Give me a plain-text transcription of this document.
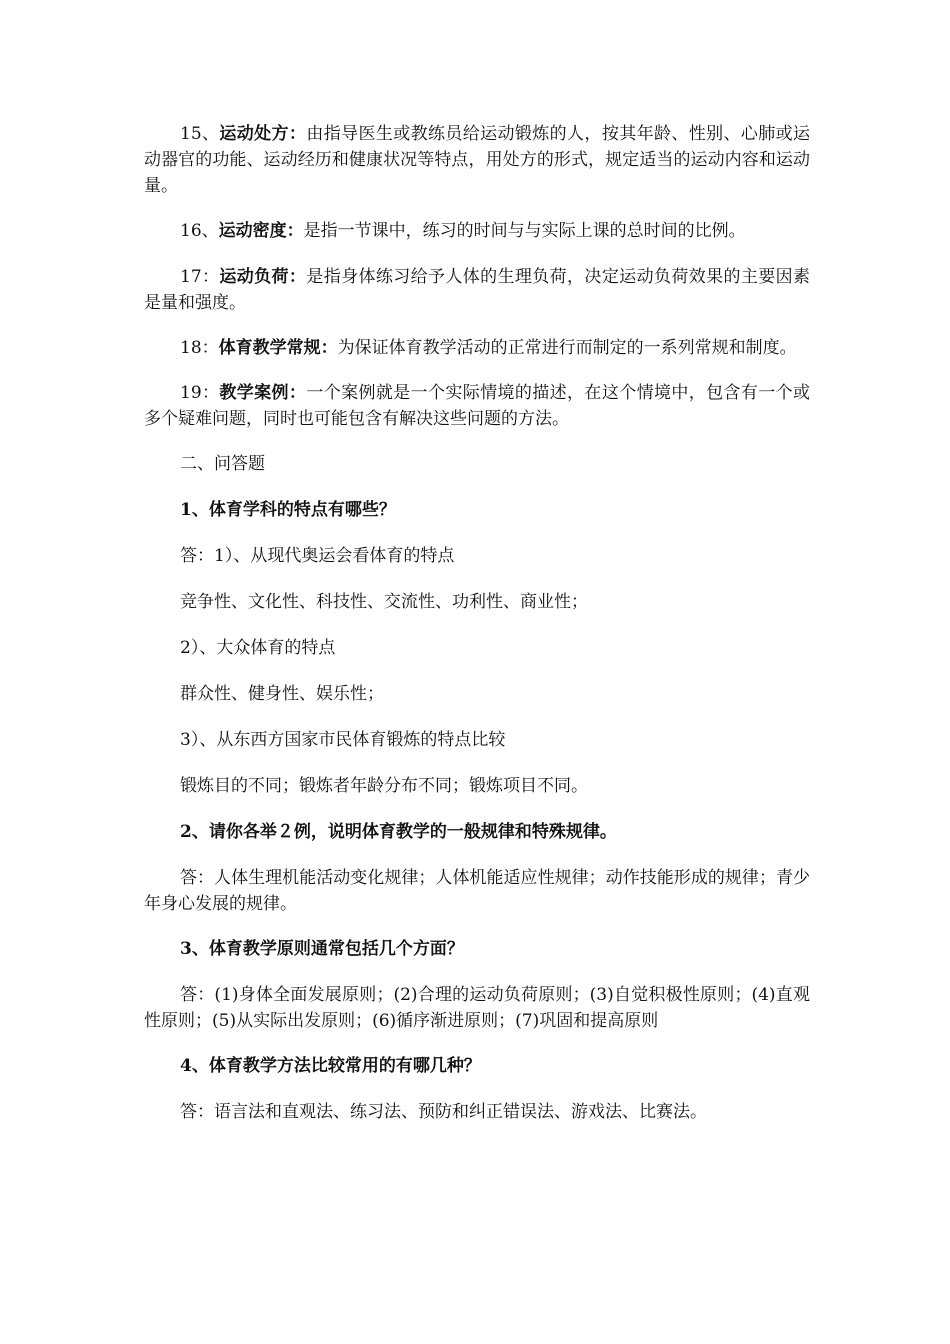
15、运动处方：由指导医生或教练员给运动锻炼的人，按其年龄、性别、心肺或运动器官的功能、运动经历和健康状况等特点，用处方的形式，规定适当的运动内容和运动量。

16、运动密度：是指一节课中，练习的时间与与实际上课的总时间的比例。

17：运动负荷：是指身体练习给予人体的生理负荷，决定运动负荷效果的主要因素是量和强度。

18：体育教学常规：为保证体育教学活动的正常进行而制定的一系列常规和制度。

19：教学案例：一个案例就是一个实际情境的描述，在这个情境中，包含有一个或多个疑难问题，同时也可能包含有解决这些问题的方法。

二、问答题

1、体育学科的特点有哪些？

答：1）、从现代奥运会看体育的特点

竞争性、文化性、科技性、交流性、功利性、商业性；

2）、大众体育的特点

群众性、健身性、娱乐性；

3）、从东西方国家市民体育锻炼的特点比较

锻炼目的不同；锻炼者年龄分布不同；锻炼项目不同。

2、请你各举２例，说明体育教学的一般规律和特殊规律。

答：人体生理机能活动变化规律；人体机能适应性规律；动作技能形成的规律；青少年身心发展的规律。

3、体育教学原则通常包括几个方面？

答：(1)身体全面发展原则；(2)合理的运动负荷原则；(3)自觉积极性原则；(4)直观性原则；(5)从实际出发原则；(6)循序渐进原则；(7)巩固和提高原则

4、体育教学方法比较常用的有哪几种？

答：语言法和直观法、练习法、预防和纠正错误法、游戏法、比赛法。
